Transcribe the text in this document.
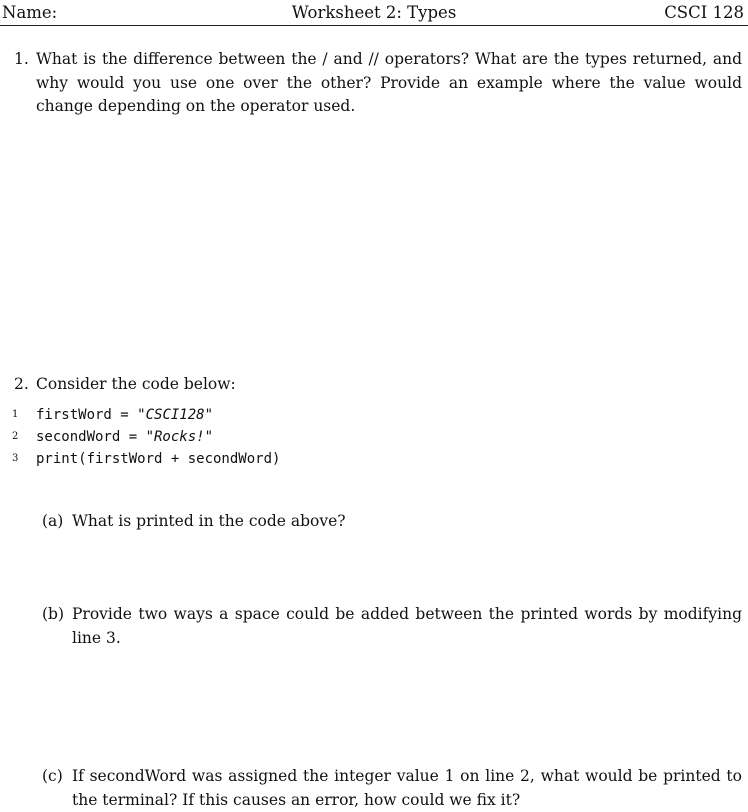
Worksheet 2: Types
Name:	CSCI 128
1. What is the difference between the / and // operators? What are the types returned, and why would you use one over the other? Provide an example where the value would change depending on the operator used.
2. Consider the code below:
1 firstWord = "CSCI128"
2 secondWord = "Rocks!"
3 print(firstWord + secondWord)
(a) What is printed in the code above?
(b) Provide two ways a space could be added between the printed words by modifying line 3.
(c) If secondWord was assigned the integer value 1 on line 2, what would be printed to the terminal? If this causes an error, how could we fix it?
